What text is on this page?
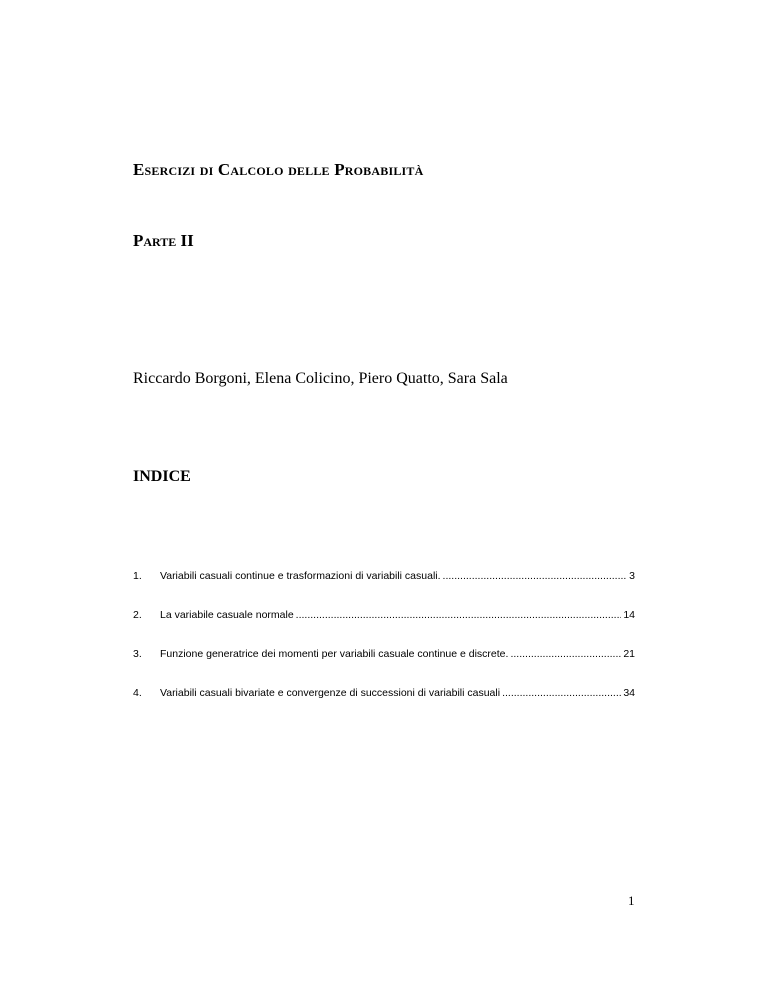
Esercizi di Calcolo delle Probabilità
Parte II

Riccardo Borgoni, Elena Colicino, Piero Quatto, Sara Sala

INDICE
1.	Variabili casuali continue e trasformazioni di variabili casuali. .....	3
2.	La variabile casuale normale .....	14
3.	Funzione generatrice dei momenti per variabili casuale continue e discrete. .....	21
4.	Variabili casuali bivariate e convergenze di successioni di variabili casuali .....	34

1
